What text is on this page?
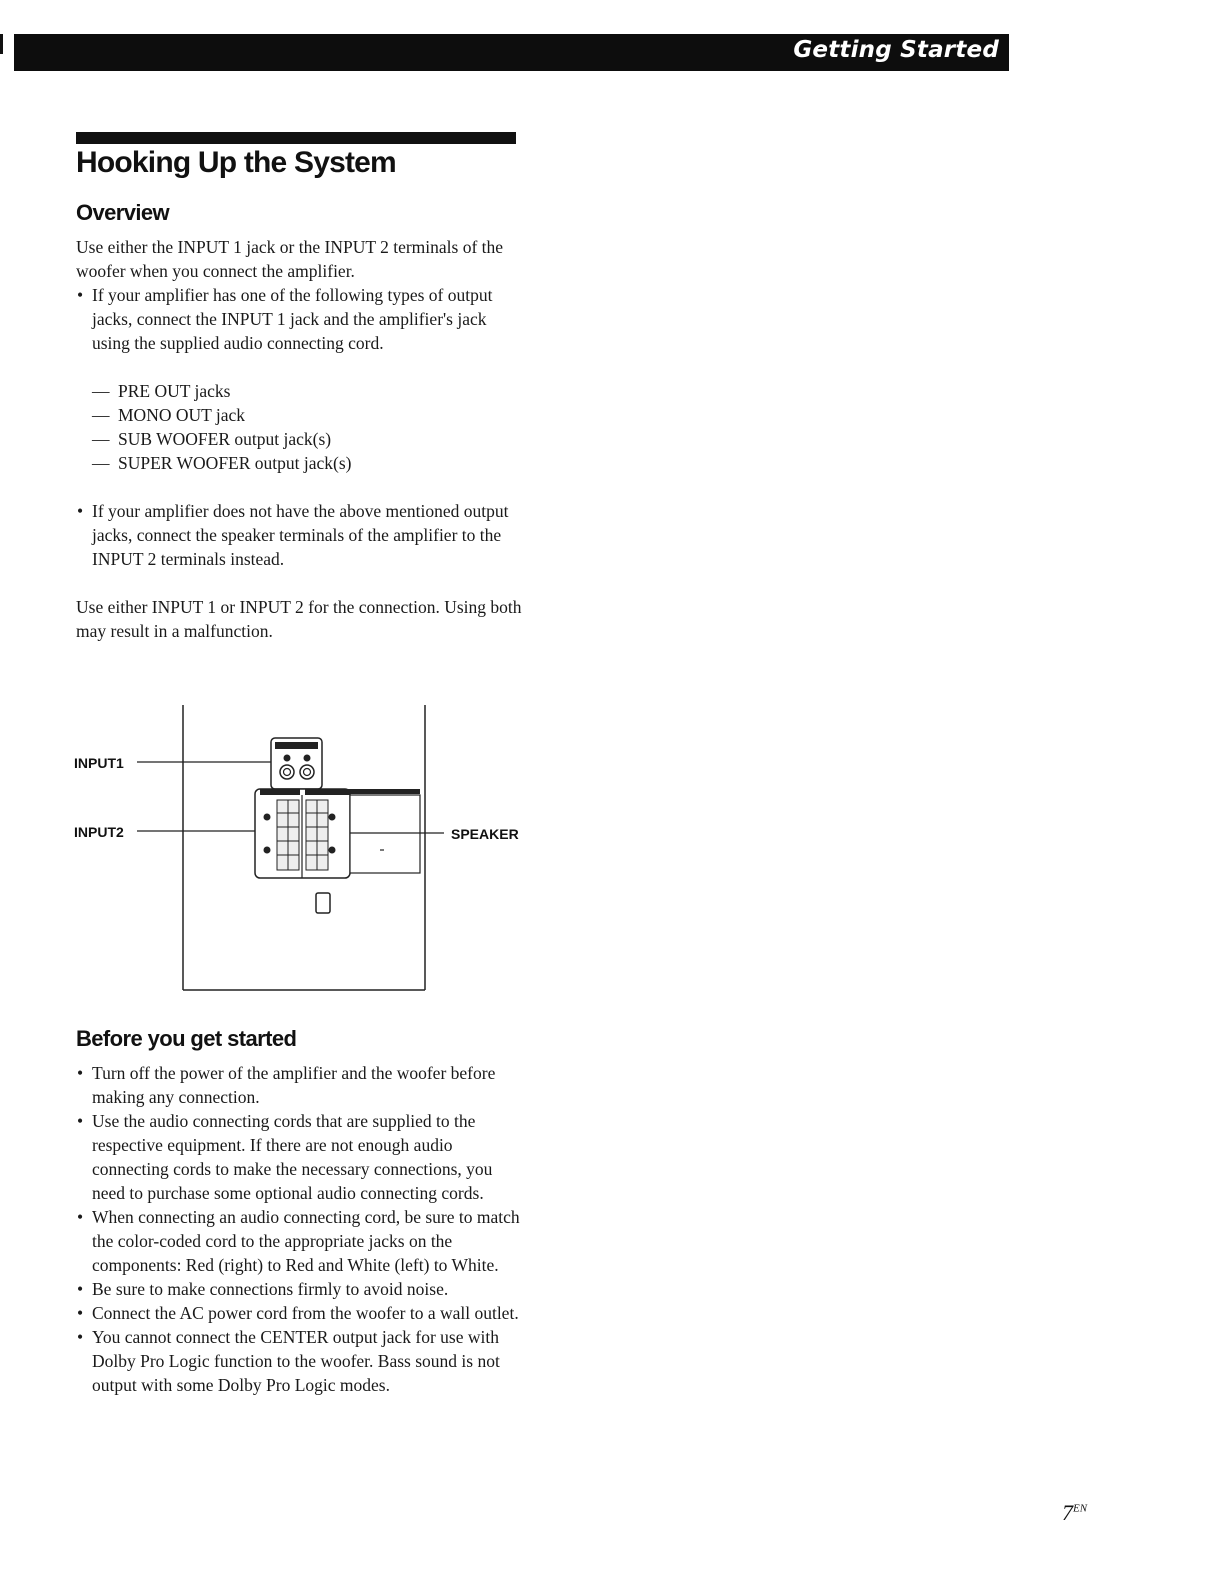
Getting Started
Hooking Up the System
Overview

Use either the INPUT 1 jack or the INPUT 2 terminals of the woofer when you connect the amplifier.

• If your amplifier has one of the following types of output jacks, connect the INPUT 1 jack and the amplifier's jack using the supplied audio connecting cord.
— PRE OUT jacks
— MONO OUT jack
— SUB WOOFER output jack(s)
— SUPER WOOFER output jack(s)
• If your amplifier does not have the above mentioned output jacks, connect the speaker terminals of the amplifier to the INPUT 2 terminals instead.

Use either INPUT 1 or INPUT 2 for the connection. Using both may result in a malfunction.

INPUT1
INPUT2	SPEAKER
Before you get started
• Turn off the power of the amplifier and the woofer before making any connection.
• Use the audio connecting cords that are supplied to the respective equipment. If there are not enough audio connecting cords to make the necessary connections, you need to purchase some optional audio connecting cords.
• When connecting an audio connecting cord, be sure to match the color-coded cord to the appropriate jacks on the components: Red (right) to Red and White (left) to White.
• Be sure to make connections firmly to avoid noise.
• Connect the AC power cord from the woofer to a wall outlet.
• You cannot connect the CENTER output jack for use with Dolby Pro Logic function to the woofer. Bass sound is not output with some Dolby Pro Logic modes.
$7^{EN}$
